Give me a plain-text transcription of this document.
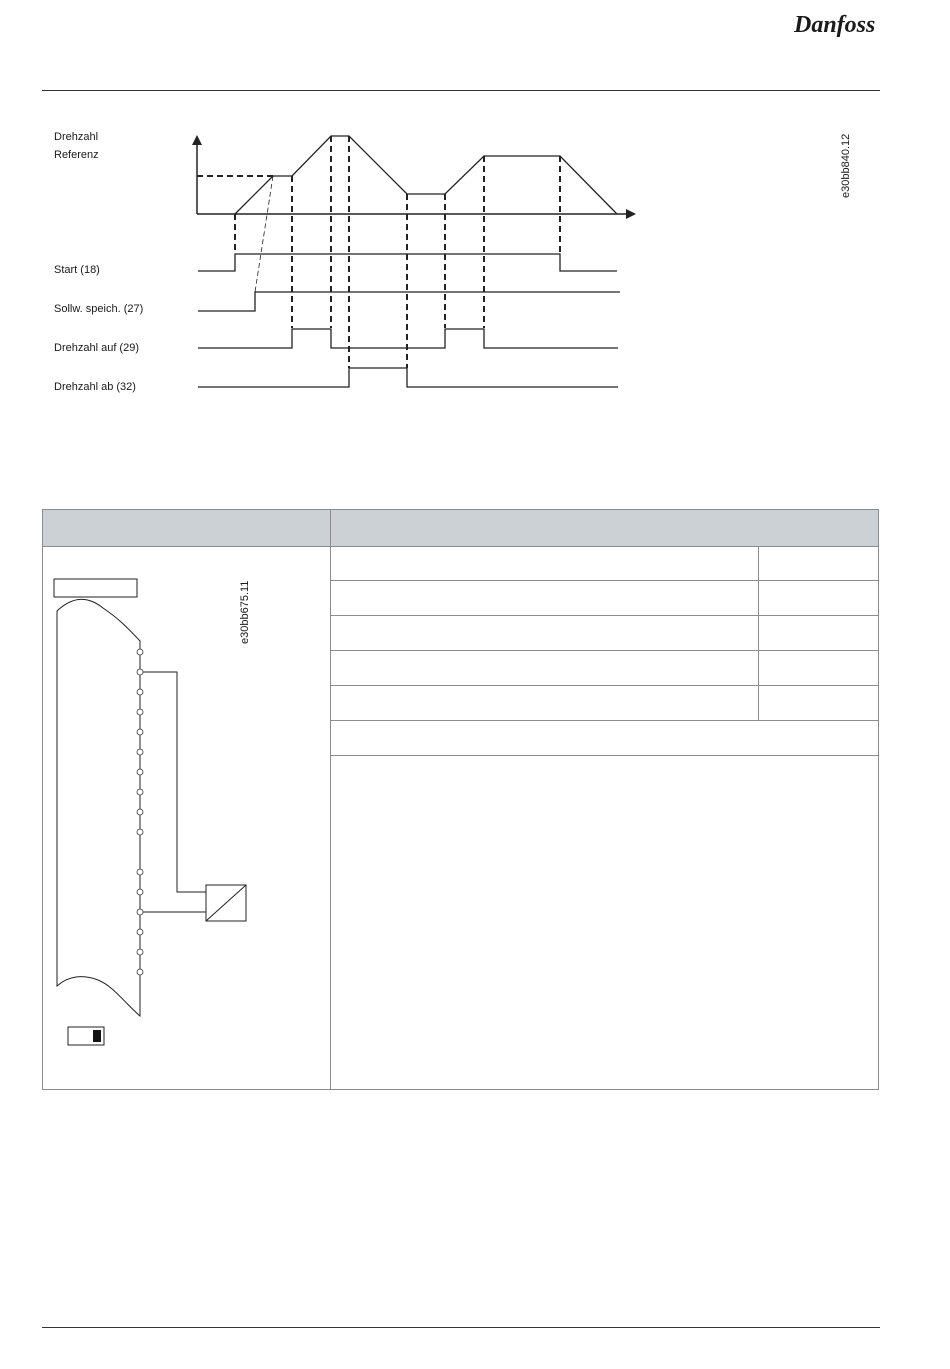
Danfoss
Drehzahl
Referenz
Start (18)
Sollw. speich. (27)
Drehzahl auf (29)
Drehzahl ab (32)
e30bb840.12
e30bb675.11
